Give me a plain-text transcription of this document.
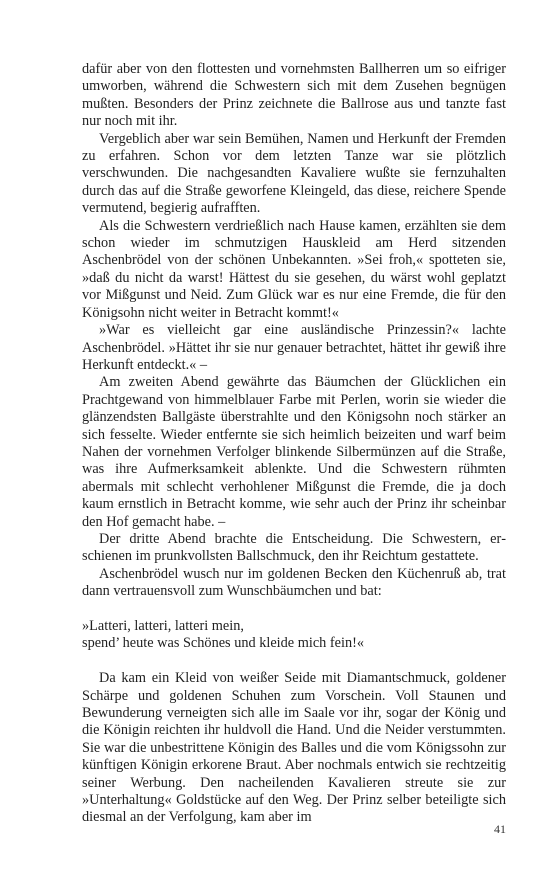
dafür aber von den flottesten und vornehmsten Ballherren um so eifriger umworben, während die Schwestern sich mit dem Zusehen begnügen mußten. Besonders der Prinz zeichnete die Ballrose aus und tanzte fast nur noch mit ihr.

Vergeblich aber war sein Bemühen, Namen und Herkunft der Fremden zu erfahren. Schon vor dem letzten Tanze war sie plötzlich verschwunden. Die nachgesandten Kavaliere wußte sie fernzuhalten durch das auf die Straße geworfene Kleingeld, das diese, reichere Spende vermutend, begierig aufrafften.

Als die Schwestern verdrießlich nach Hause kamen, erzählten sie dem schon wieder im schmutzigen Hauskleid am Herd sitzenden Aschenbrödel von der schönen Unbekannten. »Sei froh,« spotteten sie, »daß du nicht da warst! Hättest du sie gesehen, du wärst wohl geplatzt vor Mißgunst und Neid. Zum Glück war es nur eine Fremde, die für den Königsohn nicht weiter in Betracht kommt!«

»War es vielleicht gar eine ausländische Prinzessin?« lachte Aschenbrödel. »Hättet ihr sie nur genauer betrachtet, hättet ihr gewiß ihre Herkunft entdeckt.« –

Am zweiten Abend gewährte das Bäumchen der Glücklichen ein Prachtgewand von himmelblauer Farbe mit Perlen, worin sie wieder die glänzendsten Ballgäste überstrahlte und den Königsohn noch stärker an sich fesselte. Wieder entfernte sie sich heimlich beizeiten und warf beim Nahen der vornehmen Verfolger blinkende Silbermünzen auf die Straße, was ihre Aufmerksamkeit ablenkte. Und die Schwestern rühmten abermals mit schlecht verhohlener Mißgunst die Fremde, die ja doch kaum ernstlich in Betracht komme, wie sehr auch der Prinz ihr scheinbar den Hof gemacht habe. –

Der dritte Abend brachte die Entscheidung. Die Schwestern, erschienen im prunkvollsten Ballschmuck, den ihr Reichtum gestattete.

Aschenbrödel wusch nur im goldenen Becken den Küchenruß ab, trat dann vertrauensvoll zum Wunschbäumchen und bat:

»Latteri, latteri, latteri mein,
spend’ heute was Schönes und kleide mich fein!«

Da kam ein Kleid von weißer Seide mit Diamantschmuck, goldener Schärpe und goldenen Schuhen zum Vorschein. Voll Staunen und Bewunderung verneigten sich alle im Saale vor ihr, sogar der König und die Königin reichten ihr huldvoll die Hand. Und die Neider verstummten. Sie war die unbestrittene Königin des Balles und die vom Königssohn zur künftigen Königin erkorene Braut. Aber nochmals entwich sie rechtzeitig seiner Werbung. Den nacheilenden Kavalieren streute sie zur »Unterhaltung« Goldstücke auf den Weg. Der Prinz selber beteiligte sich diesmal an der Verfolgung, kam aber im

41
